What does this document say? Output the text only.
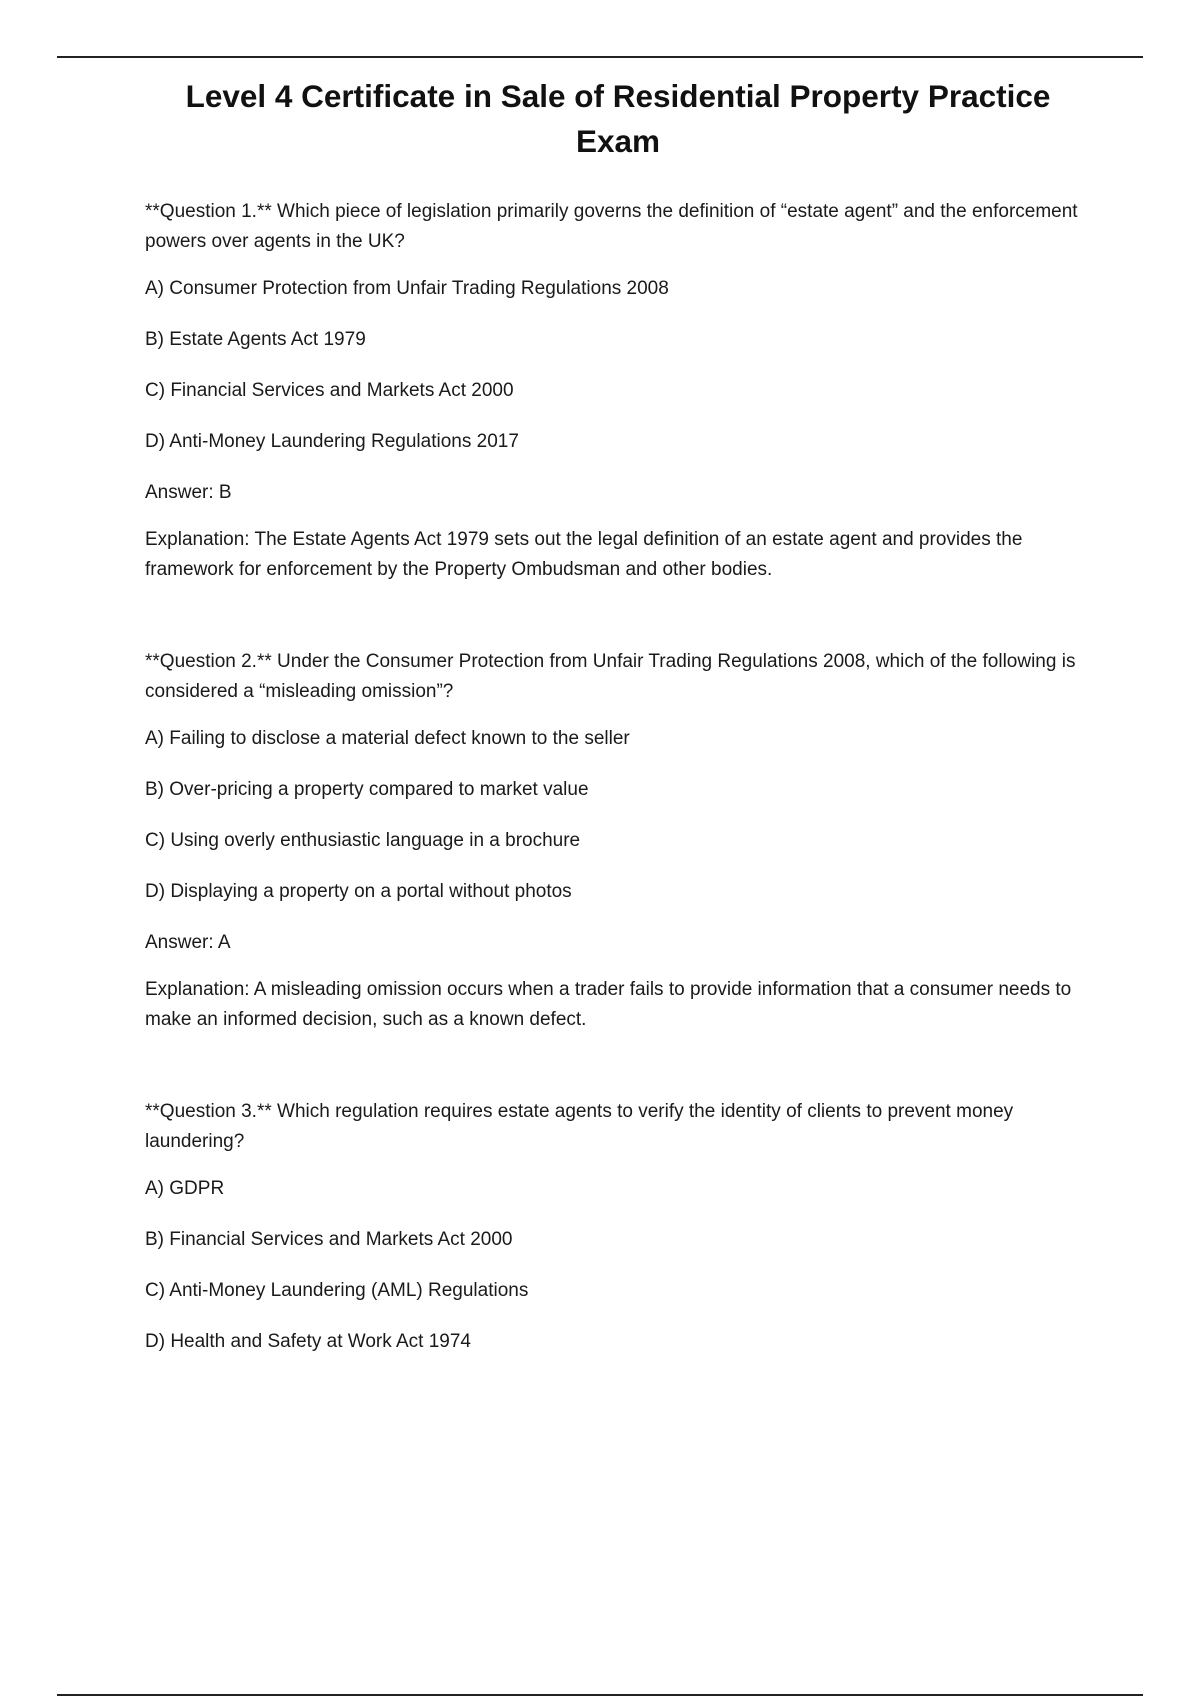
Level 4 Certificate in Sale of Residential Property Practice Exam

**Question 1.** Which piece of legislation primarily governs the definition of “estate agent” and the enforcement powers over agents in the UK?

A) Consumer Protection from Unfair Trading Regulations 2008

B) Estate Agents Act 1979

C) Financial Services and Markets Act 2000

D) Anti-Money Laundering Regulations 2017

Answer: B

Explanation: The Estate Agents Act 1979 sets out the legal definition of an estate agent and provides the framework for enforcement by the Property Ombudsman and other bodies.

**Question 2.** Under the Consumer Protection from Unfair Trading Regulations 2008, which of the following is considered a “misleading omission”?

A) Failing to disclose a material defect known to the seller

B) Over-pricing a property compared to market value

C) Using overly enthusiastic language in a brochure

D) Displaying a property on a portal without photos

Answer: A

Explanation: A misleading omission occurs when a trader fails to provide information that a consumer needs to make an informed decision, such as a known defect.

**Question 3.** Which regulation requires estate agents to verify the identity of clients to prevent money laundering?

A) GDPR

B) Financial Services and Markets Act 2000

C) Anti-Money Laundering (AML) Regulations

D) Health and Safety at Work Act 1974
